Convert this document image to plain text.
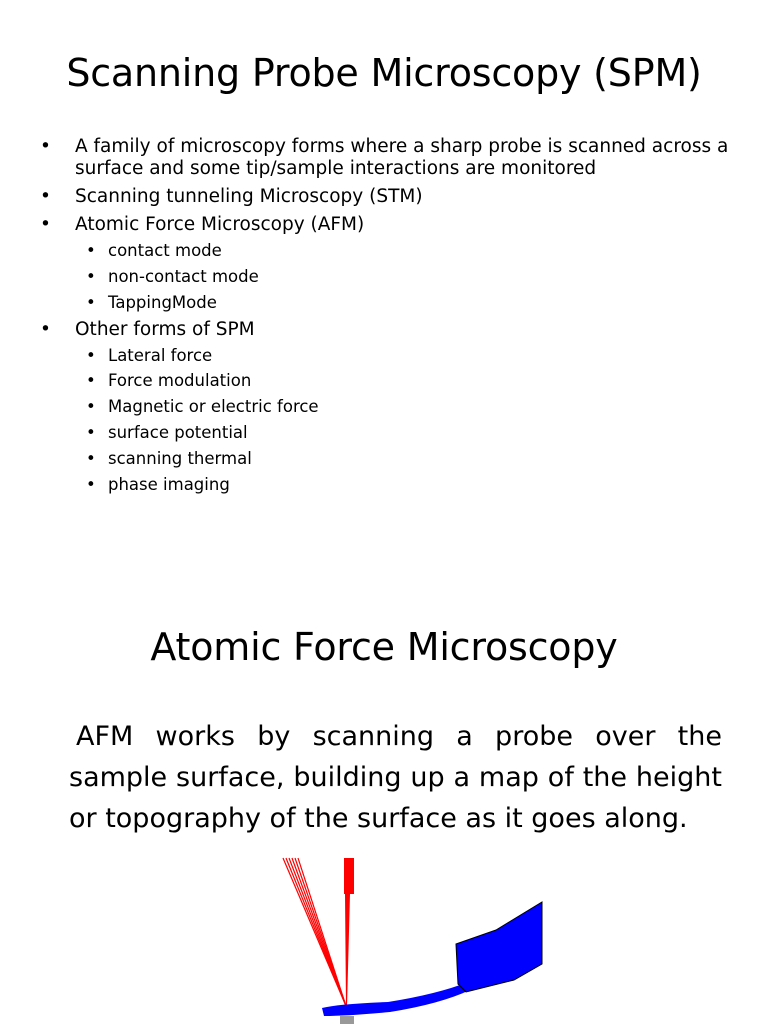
Scanning Probe Microscopy (SPM)
• A family of microscopy forms where a sharp probe is scanned across a surface and some tip/sample interactions are monitored
• Scanning tunneling Microscopy (STM)
• Atomic Force Microscopy (AFM)
• contact mode
• non-contact mode
• TappingMode
• Other forms of SPM
• Lateral force
• Force modulation
• Magnetic or electric force
• surface potential
• scanning thermal
• phase imaging
Atomic Force Microscopy

AFM works by scanning a probe over the sample surface, building up a map of the height or topography of the surface as it goes along.
